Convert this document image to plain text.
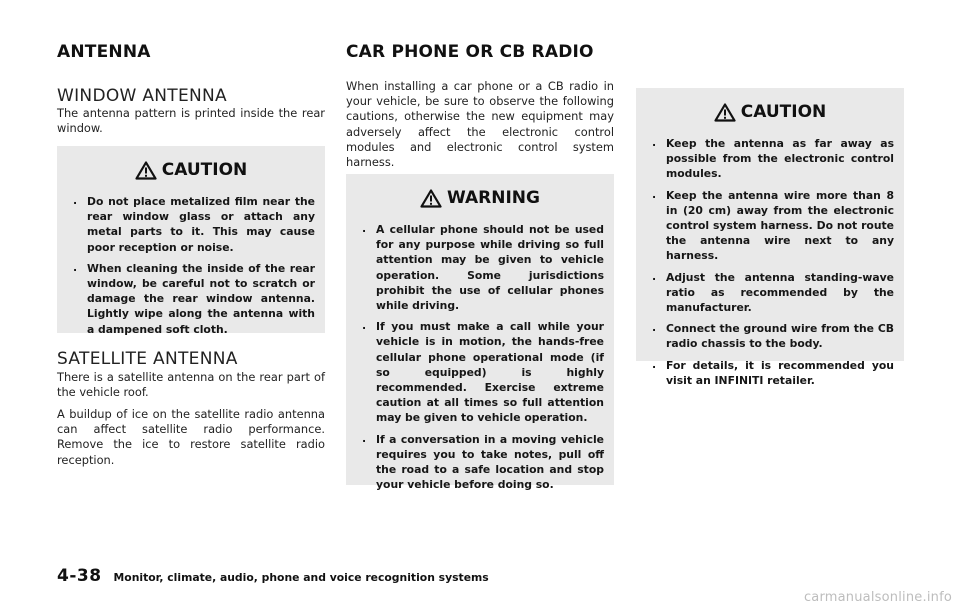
ANTENNA
WINDOW ANTENNA

The antenna pattern is printed inside the rear window.

CAUTION
. Do not place metalized film near the rear window glass or attach any metal parts to it. This may cause poor reception or noise.
. When cleaning the inside of the rear window, be careful not to scratch or damage the rear window antenna. Lightly wipe along the antenna with a dampened soft cloth.
SATELLITE ANTENNA

There is a satellite antenna on the rear part of the vehicle roof.

A buildup of ice on the satellite radio antenna can affect satellite radio performance. Remove the ice to restore satellite radio reception.

CAR PHONE OR CB RADIO

When installing a car phone or a CB radio in your vehicle, be sure to observe the following cautions, otherwise the new equipment may adversely affect the electronic control modules and electronic control system harness.

WARNING
. A cellular phone should not be used for any purpose while driving so full attention may be given to vehicle operation. Some jurisdictions prohibit the use of cellular phones while driving.
. If you must make a call while your vehicle is in motion, the hands-free cellular phone operational mode (if so equipped) is highly recommended. Exercise extreme caution at all times so full attention may be given to vehicle operation.
. If a conversation in a moving vehicle requires you to take notes, pull off the road to a safe location and stop your vehicle before doing so.
CAUTION
. Keep the antenna as far away as possible from the electronic control modules.
. Keep the antenna wire more than 8 in (20 cm) away from the electronic control system harness. Do not route the antenna wire next to any harness.
. Adjust the antenna standing-wave ratio as recommended by the manufacturer.
. Connect the ground wire from the CB radio chassis to the body.
. For details, it is recommended you visit an INFINITI retailer.
4-38 Monitor, climate, audio, phone and voice recognition systems
carmanualsonline.info
